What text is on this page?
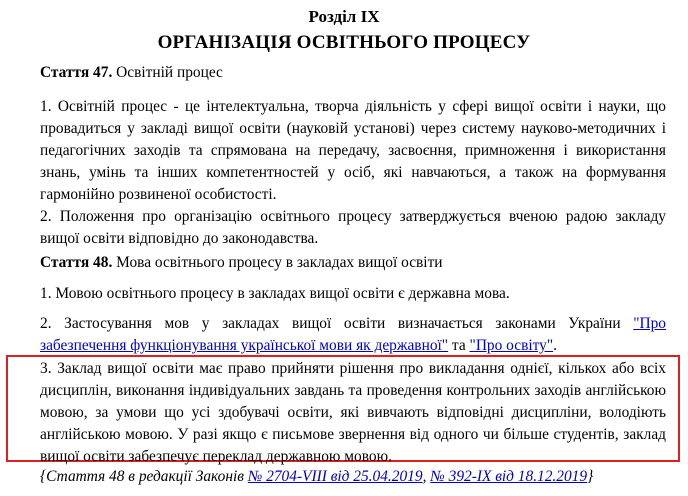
Розділ IX
ОРГАНІЗАЦІЯ ОСВІТНЬОГО ПРОЦЕСУ

Стаття 47. Освітній процес

1. Освітній процес - це інтелектуальна, творча діяльність у сфері вищої освіти і науки, що провадиться у закладі вищої освіти (науковій установі) через систему науково-методичних і педагогічних заходів та спрямована на передачу, засвоєння, примноження і використання знань, умінь та інших компетентностей у осіб, які навчаються, а також на формування гармонійно розвиненої особистості.

2. Положення про організацію освітнього процесу затверджується вченою радою закладу вищої освіти відповідно до законодавства.

Стаття 48. Мова освітнього процесу в закладах вищої освіти

1. Мовою освітнього процесу в закладах вищої освіти є державна мова.

2. Застосування мов у закладах вищої освіти визначається законами України "Про забезпечення функціонування української мови як державної" та "Про освіту".

3. Заклад вищої освіти має право прийняти рішення про викладання однієї, кількох або всіх дисциплін, виконання індивідуальних завдань та проведення контрольних заходів англійською мовою, за умови що усі здобувачі освіти, які вивчають відповідні дисципліни, володіють англійською мовою. У разі якщо є письмове звернення від одного чи більше студентів, заклад вищої освіти забезпечує переклад державною мовою.

{Стаття 48 в редакції Законів № 2704-VIII від 25.04.2019, № 392-IX від 18.12.2019}
